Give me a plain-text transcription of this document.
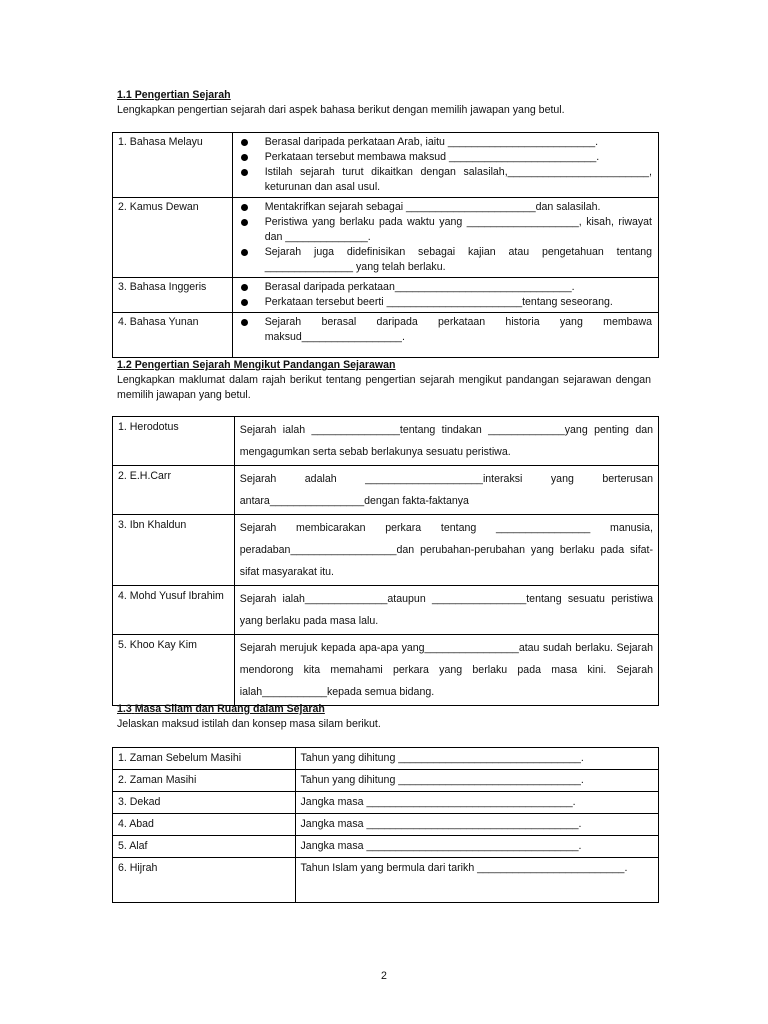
1.1 Pengertian Sejarah
Lengkapkan pengertian sejarah dari aspek bahasa berikut dengan memilih jawapan yang betul.
1. Bahasa Melayu	Berasal daripada perkataan Arab, iaitu _________________________.
Perkataan tersebut membawa maksud _________________________.
Istilah sejarah turut dikaitkan dengan salasilah,________________________, keturunan dan asal usul.

2. Kamus Dewan	Mentakrifkan sejarah sebagai ______________________dan salasilah.
Peristiwa yang berlaku pada waktu yang ___________________, kisah, riwayat dan ______________.
Sejarah juga didefinisikan sebagai kajian atau pengetahuan tentang _______________ yang telah berlaku.

3. Bahasa Inggeris	Berasal daripada perkataan______________________________.
Perkataan tersebut beerti _______________________tentang seseorang.

4. Bahasa Yunan	Sejarah berasal daripada perkataan historia yang membawa maksud_________________.
1.2 Pengertian Sejarah Mengikut Pandangan Sejarawan
Lengkapkan maklumat dalam rajah berikut tentang pengertian sejarah mengikut pandangan sejarawan dengan memilih jawapan yang betul.
1. Herodotus	Sejarah ialah _______________tentang tindakan _____________yang penting dan mengagumkan serta sebab berlakunya sesuatu peristiwa.
2. E.H.Carr	Sejarah adalah ____________________interaksi yang berterusan antara________________dengan fakta-faktanya
3. Ibn Khaldun	Sejarah membicarakan perkara tentang ________________ manusia, peradaban__________________dan perubahan-perubahan yang berlaku pada sifat-sifat masyarakat itu.
4. Mohd Yusuf Ibrahim	Sejarah ialah______________ataupun ________________tentang sesuatu peristiwa yang berlaku pada masa lalu.
5. Khoo Kay Kim	Sejarah merujuk kepada apa-apa yang________________atau sudah berlaku. Sejarah mendorong kita memahami perkara yang berlaku pada masa kini. Sejarah ialah___________kepada semua bidang.
1.3 Masa Silam dan Ruang dalam Sejarah
Jelaskan maksud istilah dan konsep masa silam berikut.
1. Zaman Sebelum Masihi	Tahun yang dihitung _______________________________.
2. Zaman Masihi	Tahun yang dihitung _______________________________.
3. Dekad	Jangka masa ___________________________________.
4. Abad	Jangka masa ____________________________________.
5. Alaf	Jangka masa ____________________________________.
6. Hijrah	Tahun Islam yang bermula dari tarikh _________________________.
2
